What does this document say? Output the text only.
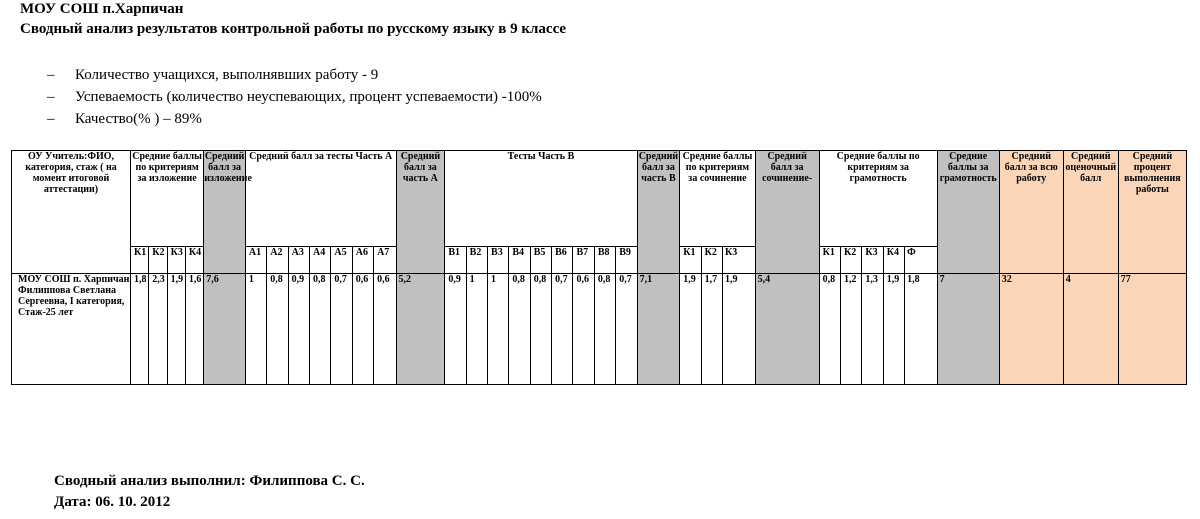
МОУ СОШ п.Харпичан

Сводный анализ результатов контрольной работы по русскому языку в 9 классе

– Количество учащихся, выполнявших работу - 9
– Успеваемость (количество неуспевающих, процент успеваемости) -100%
– Качество(% ) – 89%
ОУ Учитель:ФИО, категория, стаж ( на момент итоговой аттестации)	Средние баллы по критериям за изложение				Средний балл за изложение	Средний балл за тесты Часть А							Средний балл за часть А	Тесты Часть В									Средний балл за часть В	Средние баллы по критериям за сочинение			Средний балл за сочинение-	Средние баллы по критериям за грамотность					Средние баллы за грамотность	Средний балл за всю работу	Средний оценочный балл	Средний процент выполнения работы
	К1	К2	К3	К4		А1	А2	А3	А4	А5	А6	А7		В1	В2	В3	В4	В5	В6	В7	В8	В9		К1	К2	К3		К1	К2	К3	К4	Ф				
МОУ СОШ п. Харпичан Филиппова Светлана Сергеевна, I категория, Стаж-25 лет	1,8	2,3	1,9	1,6	7,6	1	0,8	0,9	0,8	0,7	0,6	0,6	5,2	0,9	1	1	0,8	0,8	0,7	0,6	0,8	0,7	7,1	1,9	1,7	1,9	5,4	0,8	1,2	1,3	1,9	1,8	7	32	4	77
Сводный анализ выполнил: Филиппова С. С.
Дата: 06. 10. 2012
